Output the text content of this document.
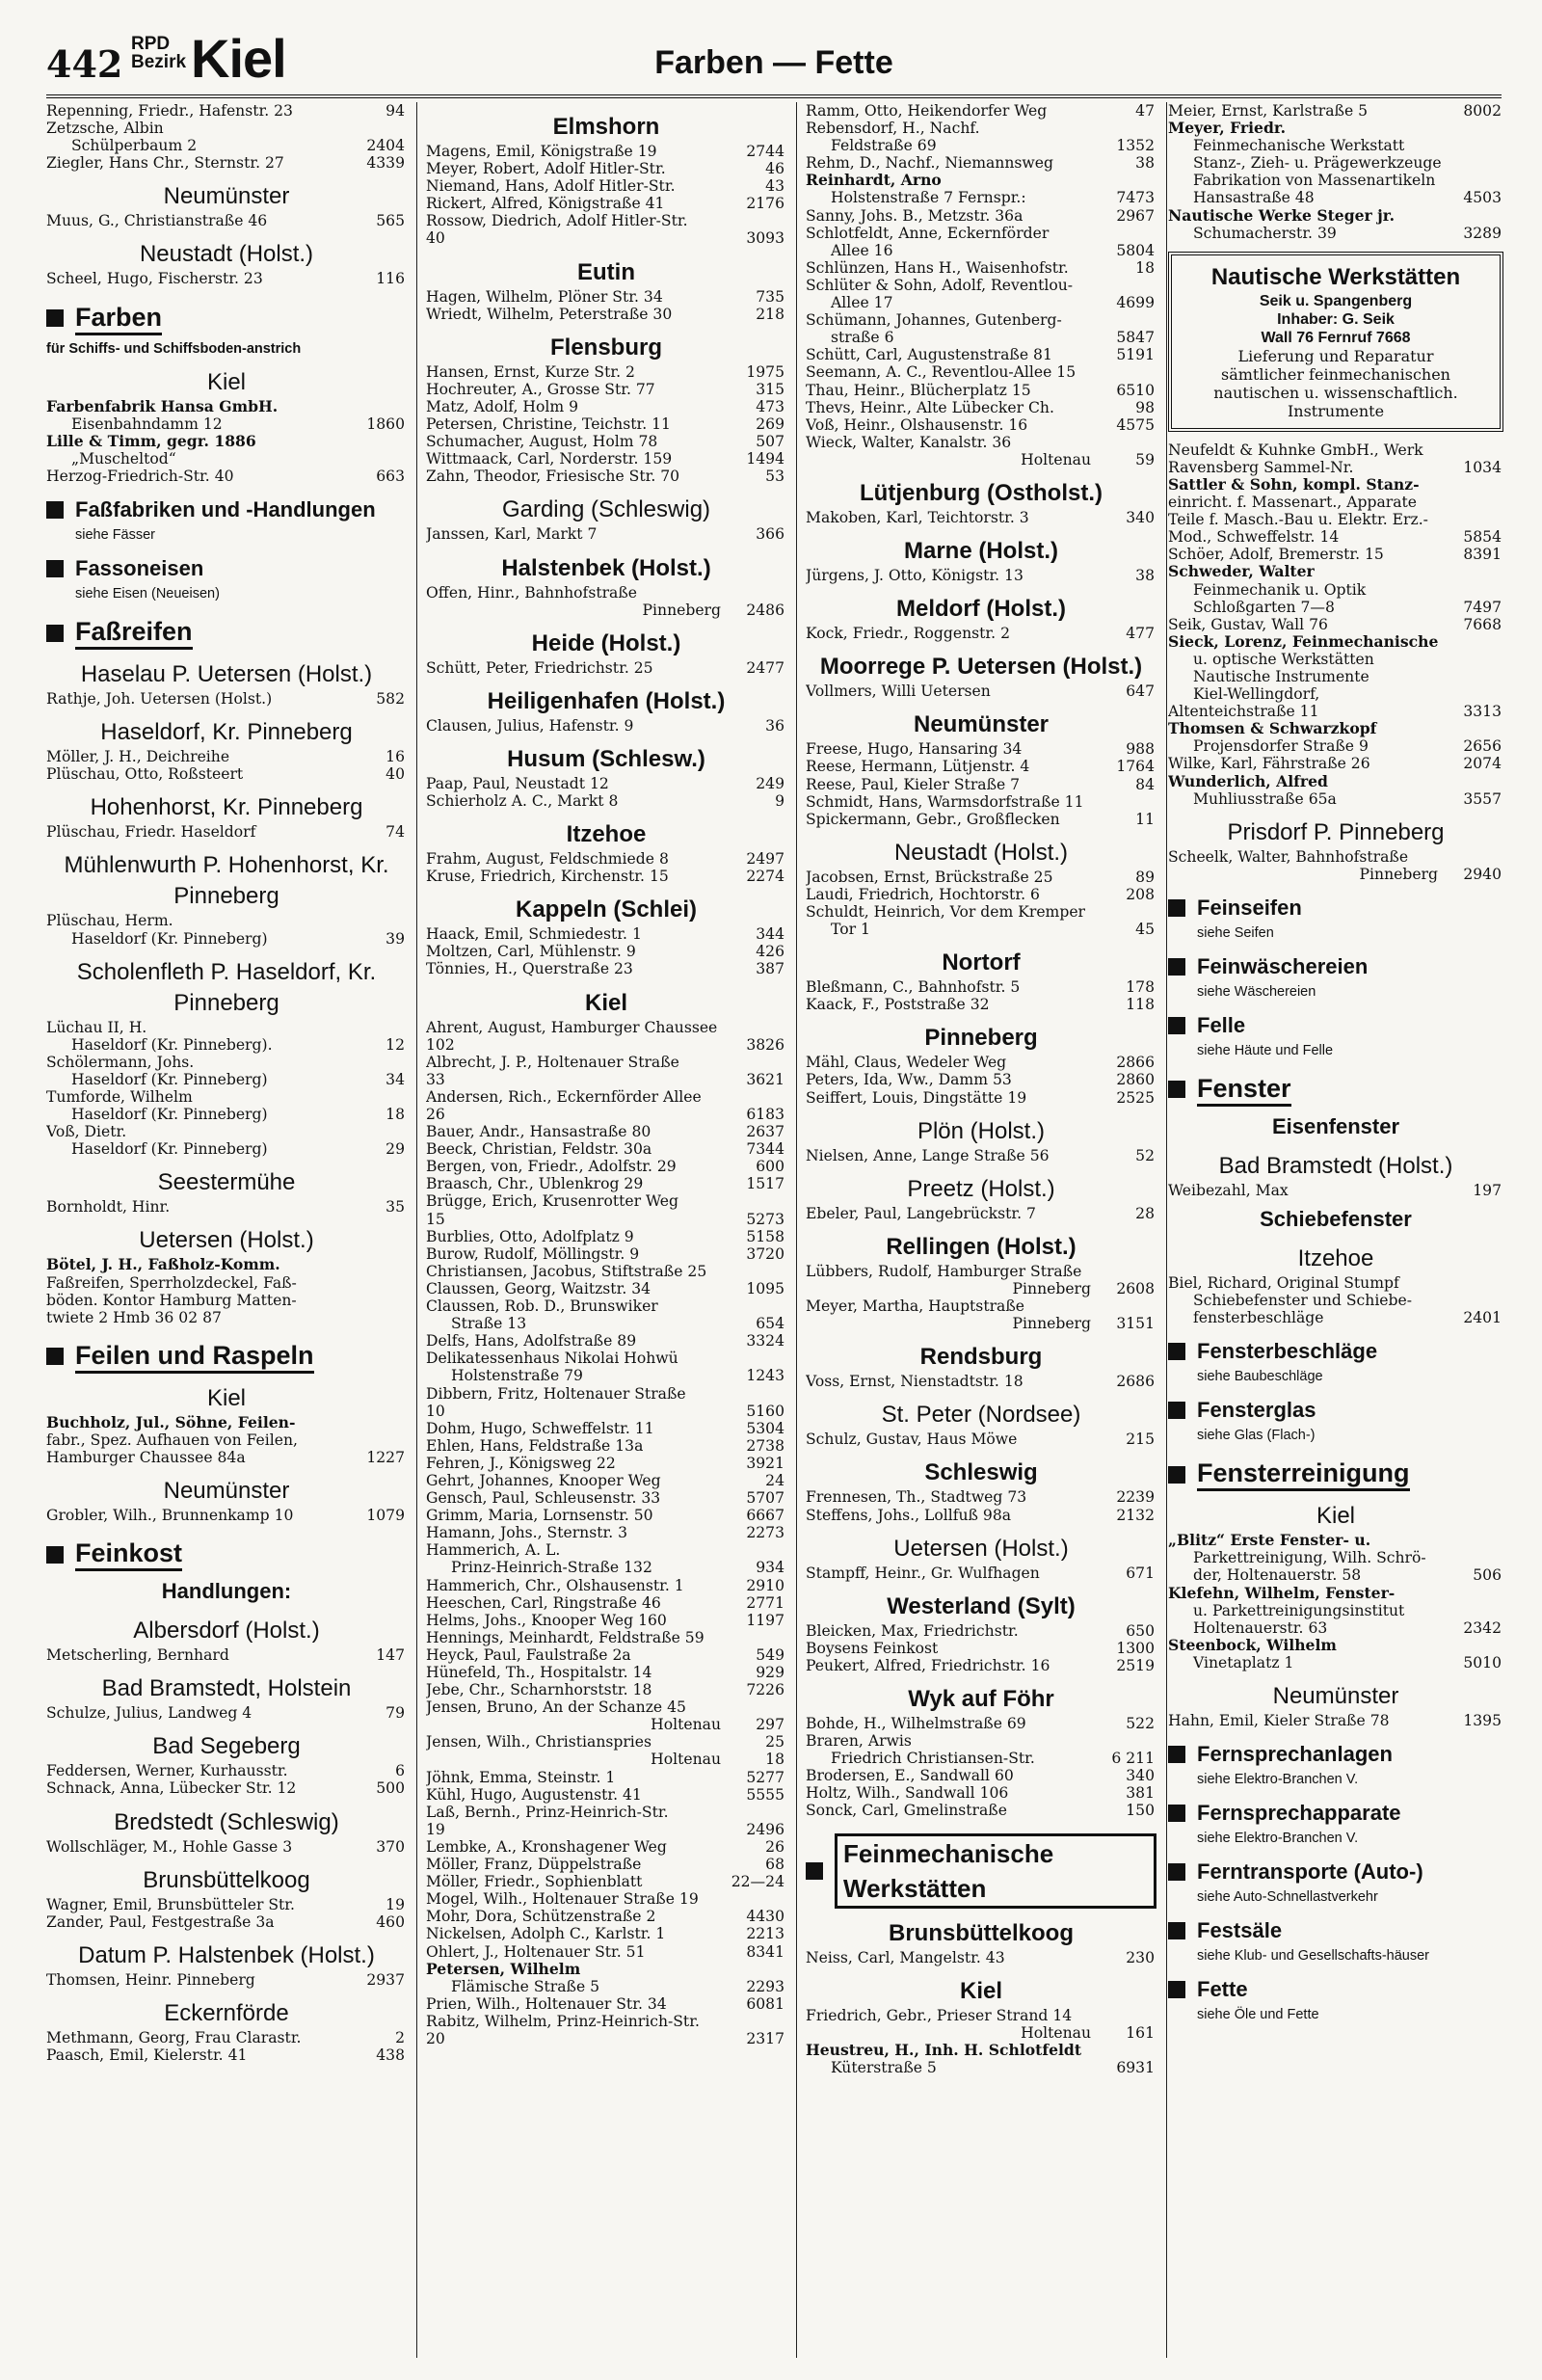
442 RPD
Bezirk Kiel	Farben — Fette
Repenning, Friedr., Hafenstr. 23	94
Zetzsche, Albin
Schülperbaum 2	2404
Ziegler, Hans Chr., Sternstr. 27	4339
Neumünster
Muus, G., Christianstraße 46	565
Neustadt (Holst.)
Scheel, Hugo, Fischerstr. 23	116
Farben
für Schiffs- und Schiffsboden-anstrich
Kiel
Farbenfabrik Hansa GmbH.
Eisenbahndamm 12	1860
Lille & Timm, gegr. 1886
„Muscheltod“
Herzog-Friedrich-Str. 40	663
Faßfabriken und -Handlungen
siehe Fässer
Fassoneisen
siehe Eisen (Neueisen)
Faßreifen
Haselau P. Uetersen (Holst.)
Rathje, Joh. Uetersen (Holst.)	582
Haseldorf, Kr. Pinneberg
Möller, J. H., Deichreihe	16
Plüschau, Otto, Roßsteert	40
Hohenhorst, Kr. Pinneberg
Plüschau, Friedr. Haseldorf	74
Mühlenwurth P. Hohenhorst, Kr. Pinneberg
Plüschau, Herm.
Haseldorf (Kr. Pinneberg)	39
Scholenfleth P. Haseldorf, Kr. Pinneberg
Lüchau II, H.
Haseldorf (Kr. Pinneberg).	12
Schölermann, Johs.
Haseldorf (Kr. Pinneberg)	34
Tumforde, Wilhelm
Haseldorf (Kr. Pinneberg)	18
Voß, Dietr.
Haseldorf (Kr. Pinneberg)	29
Seestermühe
Bornholdt, Hinr.	35
Uetersen (Holst.)
Bötel, J. H., Faßholz-Komm.
Faßreifen, Sperrholzdeckel, Faß-
böden. Kontor Hamburg Matten-
twiete 2 Hmb 36 02 87
Feilen und Raspeln
Kiel
Buchholz, Jul., Söhne, Feilen-
fabr., Spez. Aufhauen von Feilen,
Hamburger Chaussee 84a	1227
Neumünster
Grobler, Wilh., Brunnenkamp 10	1079
Feinkost
Handlungen:
Albersdorf (Holst.)
Metscherling, Bernhard	147
Bad Bramstedt, Holstein
Schulze, Julius, Landweg 4	79
Bad Segeberg
Feddersen, Werner, Kurhausstr.	6
Schnack, Anna, Lübecker Str. 12	500
Bredstedt (Schleswig)
Wollschläger, M., Hohle Gasse 3	370
Brunsbüttelkoog
Wagner, Emil, Brunsbütteler Str.	19
Zander, Paul, Festgestraße 3a	460
Datum P. Halstenbek (Holst.)
Thomsen, Heinr. Pinneberg	2937
Eckernförde
Methmann, Georg, Frau Clarastr.	2
Paasch, Emil, Kielerstr. 41	438
Elmshorn
Magens, Emil, Königstraße 19	2744
Meyer, Robert, Adolf Hitler-Str.	46
Niemand, Hans, Adolf Hitler-Str.	43
Rickert, Alfred, Königstraße 41	2176
Rossow, Diedrich, Adolf Hitler-Str.
40	3093
Eutin
Hagen, Wilhelm, Plöner Str. 34	735
Wriedt, Wilhelm, Peterstraße 30	218
Flensburg
Hansen, Ernst, Kurze Str. 2	1975
Hochreuter, A., Grosse Str. 77	315
Matz, Adolf, Holm 9	473
Petersen, Christine, Teichstr. 11	269
Schumacher, August, Holm 78	507
Wittmaack, Carl, Norderstr. 159	1494
Zahn, Theodor, Friesische Str. 70	53
Garding (Schleswig)
Janssen, Karl, Markt 7	366
Halstenbek (Holst.)
Offen, Hinr., Bahnhofstraße
Pinneberg 2486
Heide (Holst.)
Schütt, Peter, Friedrichstr. 25	2477
Heiligenhafen (Holst.)
Clausen, Julius, Hafenstr. 9	36
Husum (Schlesw.)
Paap, Paul, Neustadt 12	249
Schierholz A. C., Markt 8	9
Itzehoe
Frahm, August, Feldschmiede 8	2497
Kruse, Friedrich, Kirchenstr. 15	2274
Kappeln (Schlei)
Haack, Emil, Schmiedestr. 1	344
Moltzen, Carl, Mühlenstr. 9	426
Tönnies, H., Querstraße 23	387
Kiel
Ahrent, August, Hamburger Chaussee
102	3826
Albrecht, J. P., Holtenauer Straße
33	3621
Andersen, Rich., Eckernförder Allee
26	6183
Bauer, Andr., Hansastraße 80	2637
Beeck, Christian, Feldstr. 30a	7344
Bergen, von, Friedr., Adolfstr. 29	600
Braasch, Chr., Ublenkrog 29	1517
Brügge, Erich, Krusenrotter Weg
15	5273
Burblies, Otto, Adolfplatz 9	5158
Burow, Rudolf, Möllingstr. 9	3720
Christiansen, Jacobus, Stiftstraße 25
Claussen, Georg, Waitzstr. 34	1095
Claussen, Rob. D., Brunswiker
Straße 13	654
Delfs, Hans, Adolfstraße 89	3324
Delikatessenhaus Nikolai Hohwü
Holstenstraße 79	1243
Dibbern, Fritz, Holtenauer Straße
10	5160
Dohm, Hugo, Schweffelstr. 11	5304
Ehlen, Hans, Feldstraße 13a	2738
Fehren, J., Königsweg 22	3921
Gehrt, Johannes, Knooper Weg	24
Gensch, Paul, Schleusenstr. 33	5707
Grimm, Maria, Lornsenstr. 50	6667
Hamann, Johs., Sternstr. 3	2273
Hammerich, A. L.
Prinz-Heinrich-Straße 132	934
Hammerich, Chr., Olshausenstr. 1	2910
Heeschen, Carl, Ringstraße 46	2771
Helms, Johs., Knooper Weg 160	1197
Hennings, Meinhardt, Feldstraße 59
Heyck, Paul, Faulstraße 2a	549
Hünefeld, Th., Hospitalstr. 14	929
Jebe, Chr., Scharnhorststr. 18	7226
Jensen, Bruno, An der Schanze 45
Holtenau 297
Jensen, Wilh., Christianspries	25
Holtenau	18
Jöhnk, Emma, Steinstr. 1	5277
Kühl, Hugo, Augustenstr. 41	5555
Laß, Bernh., Prinz-Heinrich-Str.
19	2496
Lembke, A., Kronshagener Weg	26
Möller, Franz, Düppelstraße	68
Möller, Friedr., Sophienblatt	22—24
Mogel, Wilh., Holtenauer Straße 19
Mohr, Dora, Schützenstraße 2	4430
Nickelsen, Adolph C., Karlstr. 1	2213
Ohlert, J., Holtenauer Str. 51	8341
Petersen, Wilhelm
Flämische Straße 5	2293
Prien, Wilh., Holtenauer Str. 34	6081
Rabitz, Wilhelm, Prinz-Heinrich-Str.
20	2317
Ramm, Otto, Heikendorfer Weg	47
Rebensdorf, H., Nachf.
Feldstraße 69	1352
Rehm, D., Nachf., Niemannsweg	38
Reinhardt, Arno
Holstenstraße 7 Fernspr.:	7473
Sanny, Johs. B., Metzstr. 36a	2967
Schlotfeldt, Anne, Eckernförder
Allee 16	5804
Schlünzen, Hans H., Waisenhofstr.	18
Schlüter & Sohn, Adolf, Reventlou-
Allee 17	4699
Schümann, Johannes, Gutenberg-
straße 6	5847
Schütt, Carl, Augustenstraße 81	5191
Seemann, A. C., Reventlou-Allee 15
Thau, Heinr., Blücherplatz 15	6510
Thevs, Heinr., Alte Lübecker Ch.	98
Voß, Heinr., Olshausenstr. 16	4575
Wieck, Walter, Kanalstr. 36
Holtenau	59
Lütjenburg (Ostholst.)
Makoben, Karl, Teichtorstr. 3	340
Marne (Holst.)
Jürgens, J. Otto, Königstr. 13	38
Meldorf (Holst.)
Kock, Friedr., Roggenstr. 2	477
Moorrege P. Uetersen (Holst.)
Vollmers, Willi Uetersen	647
Neumünster
Freese, Hugo, Hansaring 34	988
Reese, Hermann, Lütjenstr. 4	1764
Reese, Paul, Kieler Straße 7	84
Schmidt, Hans, Warmsdorfstraße 11
Spickermann, Gebr., Großflecken	11
Neustadt (Holst.)
Jacobsen, Ernst, Brückstraße 25	89
Laudi, Friedrich, Hochtorstr. 6	208
Schuldt, Heinrich, Vor dem Kremper
Tor 1	45
Nortorf
Bleßmann, C., Bahnhofstr. 5	178
Kaack, F., Poststraße 32	118
Pinneberg
Mähl, Claus, Wedeler Weg	2866
Peters, Ida, Ww., Damm 53	2860
Seiffert, Louis, Dingstätte 19	2525
Plön (Holst.)
Nielsen, Anne, Lange Straße 56	52
Preetz (Holst.)
Ebeler, Paul, Langebrückstr. 7	28
Rellingen (Holst.)
Lübbers, Rudolf, Hamburger Straße
Pinneberg 2608
Meyer, Martha, Hauptstraße
Pinneberg 3151
Rendsburg
Voss, Ernst, Nienstadtstr. 18	2686
St. Peter (Nordsee)
Schulz, Gustav, Haus Möwe	215
Schleswig
Frennesen, Th., Stadtweg 73	2239
Steffens, Johs., Lollfuß 98a	2132
Uetersen (Holst.)
Stampff, Heinr., Gr. Wulfhagen	671
Westerland (Sylt)
Bleicken, Max, Friedrichstr.	650
Boysens Feinkost	1300
Peukert, Alfred, Friedrichstr. 16	2519
Wyk auf Föhr
Bohde, H., Wilhelmstraße 69	522
Braren, Arwis
Friedrich Christiansen-Str.	6 211
Brodersen, E., Sandwall 60	340
Holtz, Wilh., Sandwall 106	381
Sonck, Carl, Gmelinstraße	150
Feinmechanische Werkstätten
Brunsbüttelkoog
Neiss, Carl, Mangelstr. 43	230
Kiel
Friedrich, Gebr., Prieser Strand 14
Holtenau 161
Heustreu, H., Inh. H. Schlotfeldt
Küterstraße 5	6931
Meier, Ernst, Karlstraße 5	8002
Meyer, Friedr.
Feinmechanische Werkstatt
Stanz-, Zieh- u. Prägewerkzeuge
Fabrikation von Massenartikeln
Hansastraße 48	4503
Nautische Werke Steger jr.
Schumacherstr. 39	3289
Nautische Werkstätten
Seik u. Spangenberg
Inhaber: G. Seik
Wall 76 Fernruf 7668
Lieferung und Reparatur
sämtlicher feinmechanischen
nautischen u. wissenschaftlich.
Instrumente
Neufeldt & Kuhnke GmbH., Werk
Ravensberg Sammel-Nr.	1034
Sattler & Sohn, kompl. Stanz-
einricht. f. Massenart., Apparate
Teile f. Masch.-Bau u. Elektr. Erz.-
Mod., Schweffelstr. 14	5854
Schöer, Adolf, Bremerstr. 15	8391
Schweder, Walter
Feinmechanik u. Optik
Schloßgarten 7—8	7497
Seik, Gustav, Wall 76	7668
Sieck, Lorenz, Feinmechanische
u. optische Werkstätten
Nautische Instrumente
Kiel-Wellingdorf,
Altenteichstraße 11	3313
Thomsen & Schwarzkopf
Projensdorfer Straße 9	2656
Wilke, Karl, Fährstraße 26	2074
Wunderlich, Alfred
Muhliusstraße 65a	3557
Prisdorf P. Pinneberg
Scheelk, Walter, Bahnhofstraße
Pinneberg 2940
Feinseifen
siehe Seifen
Feinwäschereien
siehe Wäschereien
Felle
siehe Häute und Felle
Fenster
Eisenfenster
Bad Bramstedt (Holst.)
Weibezahl, Max	197
Schiebefenster
Itzehoe
Biel, Richard, Original Stumpf
Schiebefenster und Schiebe-
fensterbeschläge	2401
Fensterbeschläge
siehe Baubeschläge
Fensterglas
siehe Glas (Flach-)
Fensterreinigung
Kiel
„Blitz“ Erste Fenster- u.
Parkettreinigung, Wilh. Schrö-
der, Holtenauerstr. 58	506
Klefehn, Wilhelm, Fenster-
u. Parkettreinigungsinstitut
Holtenauerstr. 63	2342
Steenbock, Wilhelm
Vinetaplatz 1	5010
Neumünster
Hahn, Emil, Kieler Straße 78	1395
Fernsprechanlagen
siehe Elektro-Branchen V.
Fernsprechapparate
siehe Elektro-Branchen V.
Ferntransporte (Auto-)
siehe Auto-Schnellastverkehr
Festsäle
siehe Klub- und Gesellschafts-häuser
Fette
siehe Öle und Fette
